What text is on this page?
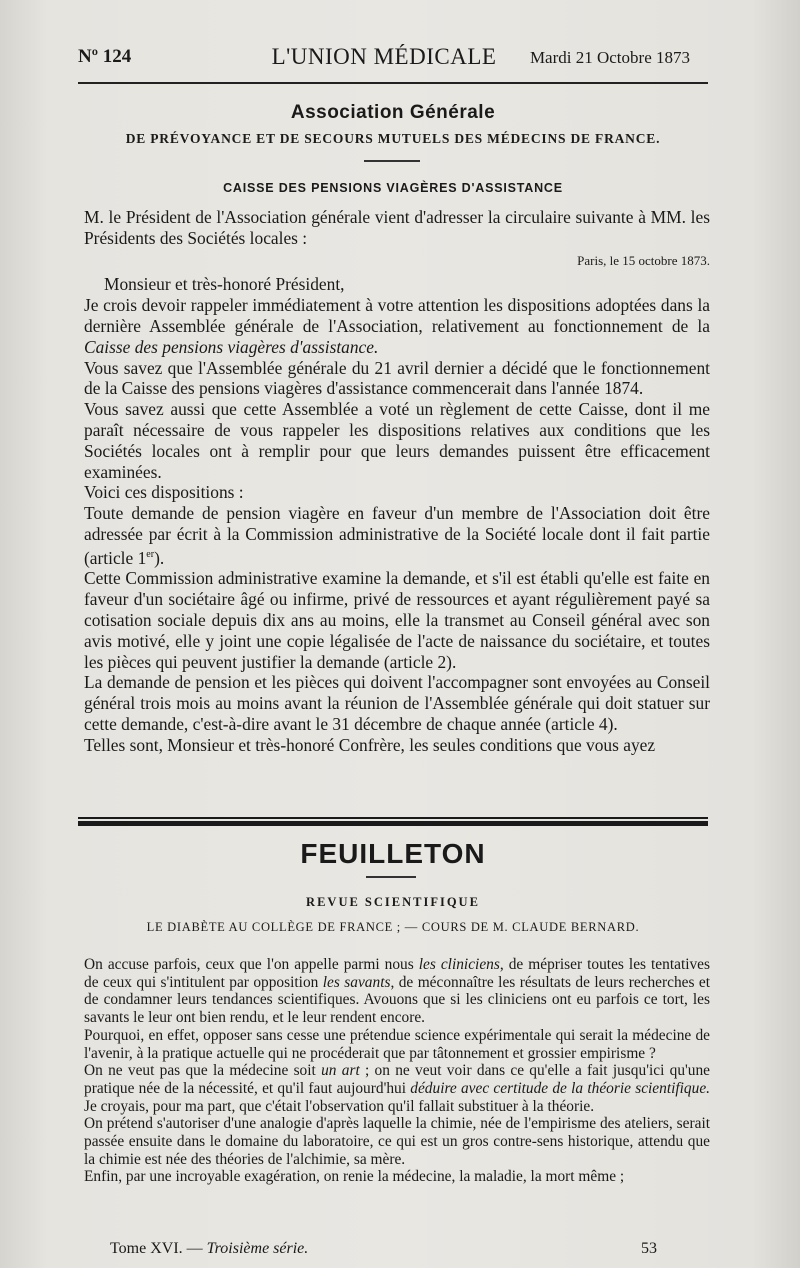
Nº 124	L'UNION MÉDICALE	Mardi 21 Octobre 1873
Association Générale
DE PRÉVOYANCE ET DE SECOURS MUTUELS DES MÉDECINS DE FRANCE.
CAISSE DES PENSIONS VIAGÈRES D'ASSISTANCE

M. le Président de l'Association générale vient d'adresser la circulaire suivante à MM. les Présidents des Sociétés locales :

Paris, le 15 octobre 1873.

Monsieur et très-honoré Président,

Je crois devoir rappeler immédiatement à votre attention les dispositions adoptées dans la dernière Assemblée générale de l'Association, relativement au fonctionnement de la Caisse des pensions viagères d'assistance.

Vous savez que l'Assemblée générale du 21 avril dernier a décidé que le fonctionnement de la Caisse des pensions viagères d'assistance commencerait dans l'année 1874.

Vous savez aussi que cette Assemblée a voté un règlement de cette Caisse, dont il me paraît nécessaire de vous rappeler les dispositions relatives aux conditions que les Sociétés locales ont à remplir pour que leurs demandes puissent être efficacement examinées.

Voici ces dispositions :

Toute demande de pension viagère en faveur d'un membre de l'Association doit être adressée par écrit à la Commission administrative de la Société locale dont il fait partie (article 1er).

Cette Commission administrative examine la demande, et s'il est établi qu'elle est faite en faveur d'un sociétaire âgé ou infirme, privé de ressources et ayant régulièrement payé sa cotisation sociale depuis dix ans au moins, elle la transmet au Conseil général avec son avis motivé, elle y joint une copie légalisée de l'acte de naissance du sociétaire, et toutes les pièces qui peuvent justifier la demande (article 2).

La demande de pension et les pièces qui doivent l'accompagner sont envoyées au Conseil général trois mois au moins avant la réunion de l'Assemblée générale qui doit statuer sur cette demande, c'est-à-dire avant le 31 décembre de chaque année (article 4).

Telles sont, Monsieur et très-honoré Confrère, les seules conditions que vous ayez

FEUILLETON
REVUE SCIENTIFIQUE
LE DIABÈTE AU COLLÈGE DE FRANCE ; — COURS DE M. CLAUDE BERNARD.

On accuse parfois, ceux que l'on appelle parmi nous les cliniciens, de mépriser toutes les tentatives de ceux qui s'intitulent par opposition les savants, de méconnaître les résultats de leurs recherches et de condamner leurs tendances scientifiques. Avouons que si les cliniciens ont eu parfois ce tort, les savants le leur ont bien rendu, et le leur rendent encore.

Pourquoi, en effet, opposer sans cesse une prétendue science expérimentale qui serait la médecine de l'avenir, à la pratique actuelle qui ne procéderait que par tâtonnement et grossier empirisme ?

On ne veut pas que la médecine soit un art ; on ne veut voir dans ce qu'elle a fait jusqu'ici qu'une pratique née de la nécessité, et qu'il faut aujourd'hui déduire avec certitude de la théorie scientifique. Je croyais, pour ma part, que c'était l'observation qu'il fallait substituer à la théorie.

On prétend s'autoriser d'une analogie d'après laquelle la chimie, née de l'empirisme des ateliers, serait passée ensuite dans le domaine du laboratoire, ce qui est un gros contre-sens historique, attendu que la chimie est née des théories de l'alchimie, sa mère.

Enfin, par une incroyable exagération, on renie la médecine, la maladie, la mort même ;

Tome XVI. — Troisième série.	53
